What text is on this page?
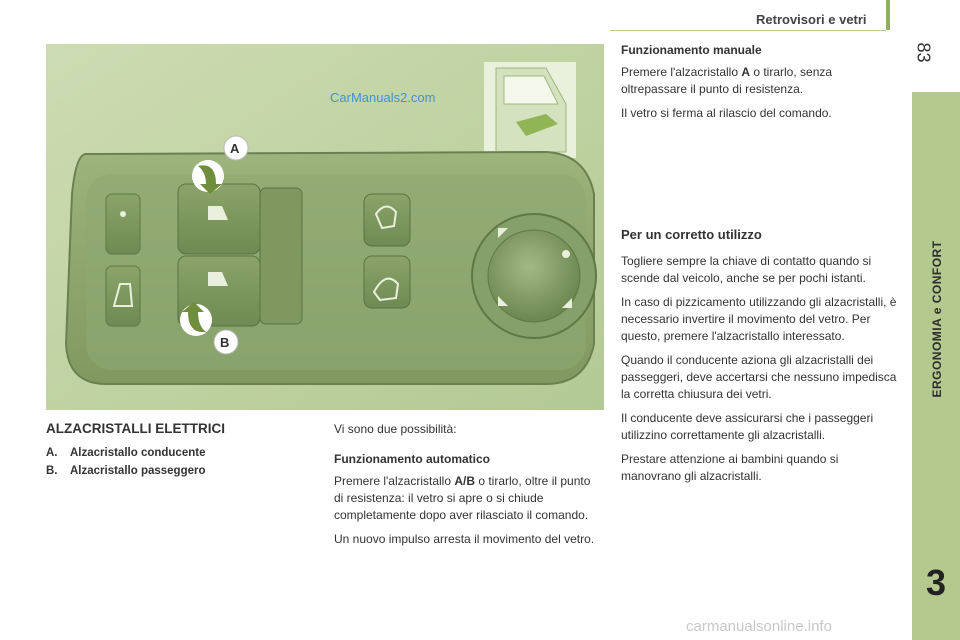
Retrovisori e vetri
83
ERGONOMIA e CONFORT
3
CarManuals2.com
A
B
ALZACRISTALLI ELETTRICI
A.	Alzacristallo conducente
B.	Alzacristallo passeggero

Vi sono due possibilità:

Funzionamento automatico

Premere l'alzacristallo A/B o tirarlo, oltre il punto di resistenza: il vetro si apre o si chiude completamente dopo aver rilasciato il comando.

Un nuovo impulso arresta il movimento del vetro.

Funzionamento manuale

Premere l'alzacristallo A o tirarlo, senza oltrepassare il punto di resistenza.

Il vetro si ferma al rilascio del comando.

Per un corretto utilizzo

Togliere sempre la chiave di contatto quando si scende dal veicolo, anche se per pochi istanti.

In caso di pizzicamento utilizzando gli alzacristalli, è necessario invertire il movimento del vetro. Per questo, premere l'alzacristallo interessato.

Quando il conducente aziona gli alzacristalli dei passeggeri, deve accertarsi che nessuno impedisca la corretta chiusura dei vetri.

Il conducente deve assicurarsi che i passeggeri utilizzino correttamente gli alzacristalli.

Prestare attenzione ai bambini quando si manovrano gli alzacristalli.

carmanualsonline.info
